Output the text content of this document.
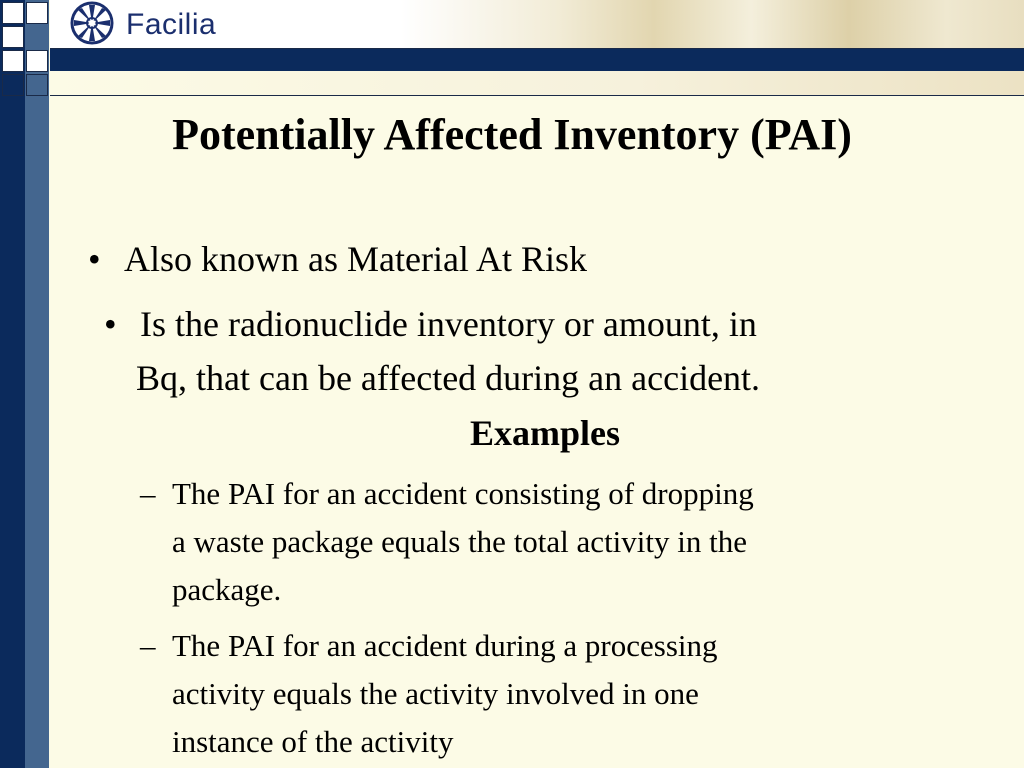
Facilia
Potentially Affected Inventory (PAI)
• Also known as Material At Risk
• Is the radionuclide inventory or amount, in
Bq, that can be affected during an accident.
Examples
– The PAI for an accident consisting of dropping
a waste package equals the total activity in the
package.
– The PAI for an accident during a processing
activity equals the activity involved in one
instance of the activity
